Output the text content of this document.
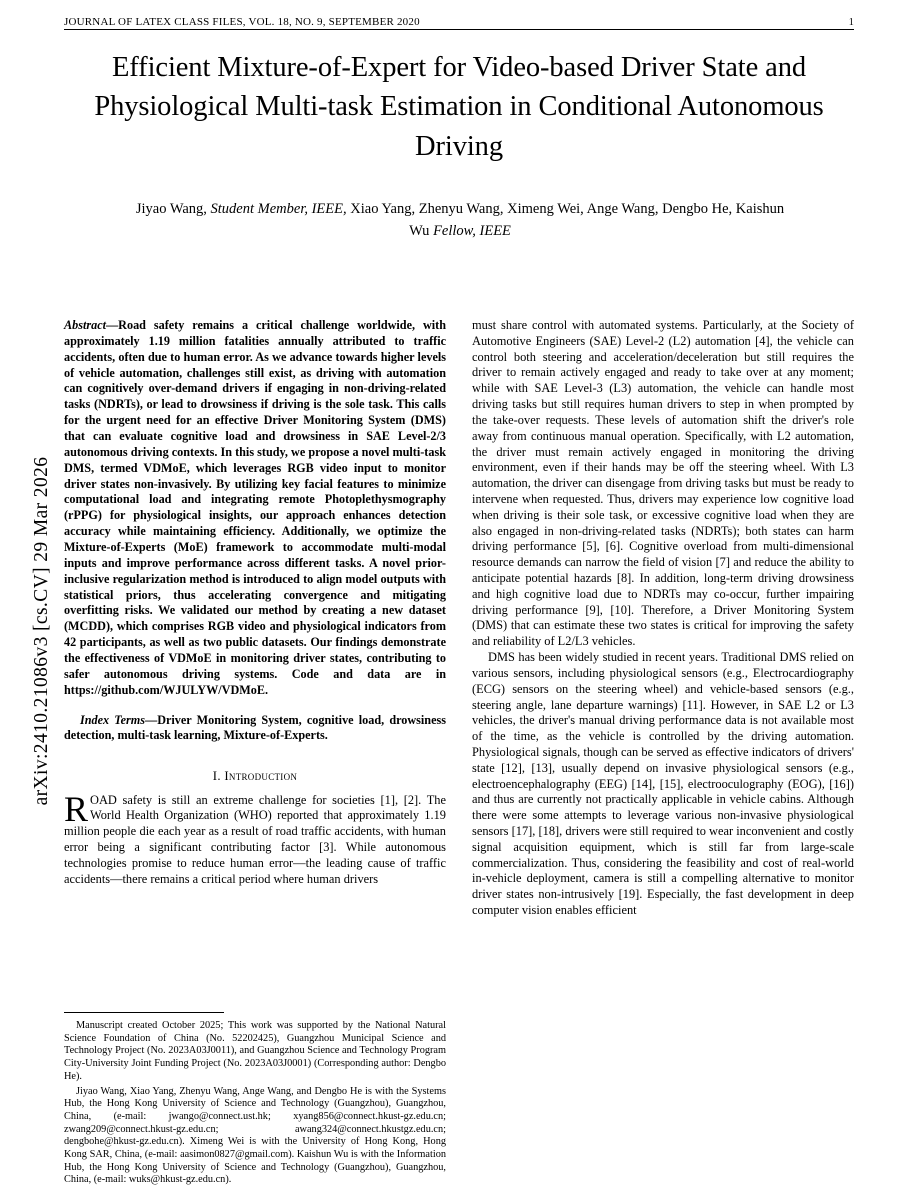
JOURNAL OF LATEX CLASS FILES, VOL. 18, NO. 9, SEPTEMBER 2020	1
arXiv:2410.21086v3 [cs.CV] 29 Mar 2026
Efficient Mixture-of-Expert for Video-based Driver State and Physiological Multi-task Estimation in Conditional Autonomous Driving
Jiyao Wang, Student Member, IEEE, Xiao Yang, Zhenyu Wang, Ximeng Wei, Ange Wang, Dengbo He, Kaishun
Wu Fellow, IEEE
Abstract—Road safety remains a critical challenge worldwide, with approximately 1.19 million fatalities annually attributed to traffic accidents, often due to human error. As we advance towards higher levels of vehicle automation, challenges still exist, as driving with automation can cognitively over-demand drivers if engaging in non-driving-related tasks (NDRTs), or lead to drowsiness if driving is the sole task. This calls for the urgent need for an effective Driver Monitoring System (DMS) that can evaluate cognitive load and drowsiness in SAE Level-2/3 autonomous driving contexts. In this study, we propose a novel multi-task DMS, termed VDMoE, which leverages RGB video input to monitor driver states non-invasively. By utilizing key facial features to minimize computational load and integrating remote Photoplethysmography (rPPG) for physiological insights, our approach enhances detection accuracy while maintaining efficiency. Additionally, we optimize the Mixture-of-Experts (MoE) framework to accommodate multi-modal inputs and improve performance across different tasks. A novel prior-inclusive regularization method is introduced to align model outputs with statistical priors, thus accelerating convergence and mitigating overfitting risks. We validated our method by creating a new dataset (MCDD), which comprises RGB video and physiological indicators from 42 participants, as well as two public datasets. Our findings demonstrate the effectiveness of VDMoE in monitoring driver states, contributing to safer autonomous driving systems. Code and data are in https://github.com/WJULYW/VDMoE.
Index Terms—Driver Monitoring System, cognitive load, drowsiness detection, multi-task learning, Mixture-of-Experts.
I. Introduction
ROAD safety is still an extreme challenge for societies [1], [2]. The World Health Organization (WHO) reported that approximately 1.19 million people die each year as a result of road traffic accidents, with human error being a significant contributing factor [3]. While autonomous technologies promise to reduce human error—the leading cause of traffic accidents—there remains a critical period where human drivers

must share control with automated systems. Particularly, at the Society of Automotive Engineers (SAE) Level-2 (L2) automation [4], the vehicle can control both steering and acceleration/deceleration but still requires the driver to remain actively engaged and ready to take over at any moment; while with SAE Level-3 (L3) automation, the vehicle can handle most driving tasks but still requires human drivers to step in when prompted by the take-over requests. These levels of automation shift the driver's role away from continuous manual operation. Specifically, with L2 automation, the driver must remain actively engaged in monitoring the driving environment, even if their hands may be off the steering wheel. With L3 automation, the driver can disengage from driving tasks but must be ready to intervene when requested. Thus, drivers may experience low cognitive load when driving is their sole task, or excessive cognitive load when they are also engaged in non-driving-related tasks (NDRTs); both states can harm driving performance [5], [6]. Cognitive overload from multi-dimensional resource demands can narrow the field of vision [7] and reduce the ability to anticipate potential hazards [8]. In addition, long-term driving drowsiness and high cognitive load due to NDRTs may co-occur, further impairing driving performance [9], [10]. Therefore, a Driver Monitoring System (DMS) that can estimate these two states is critical for improving the safety and reliability of L2/L3 vehicles.

DMS has been widely studied in recent years. Traditional DMS relied on various sensors, including physiological sensors (e.g., Electrocardiography (ECG) sensors on the steering wheel) and vehicle-based sensors (e.g., steering angle, lane departure warnings) [11]. However, in SAE L2 or L3 vehicles, the driver's manual driving performance data is not available most of the time, as the vehicle is controlled by the driving automation. Physiological signals, though can be served as effective indicators of drivers' state [12], [13], usually depend on invasive physiological sensors (e.g., electroencephalography (EEG) [14], [15], electrooculography (EOG), [16]) and thus are currently not practically applicable in vehicle cabins. Although there were some attempts to leverage various non-invasive physiological sensors [17], [18], drivers were still required to wear inconvenient and costly signal acquisition equipment, which is still far from large-scale commercialization. Thus, considering the feasibility and cost of real-world in-vehicle deployment, camera is still a compelling alternative to monitor driver states non-intrusively [19]. Especially, the fast development in deep computer vision enables efficient

Manuscript created October 2025; This work was supported by the National Natural Science Foundation of China (No. 52202425), Guangzhou Municipal Science and Technology Project (No. 2023A03J0011), and Guangzhou Science and Technology Program City-University Joint Funding Project (No. 2023A03J0001) (Corresponding author: Dengbo He).

Jiyao Wang, Xiao Yang, Zhenyu Wang, Ange Wang, and Dengbo He is with the Systems Hub, the Hong Kong University of Science and Technology (Guangzhou), Guangzhou, China, (e-mail: jwango@connect.ust.hk; xyang856@connect.hkust-gz.edu.cn; zwang209@connect.hkust-gz.edu.cn; awang324@connect.hkustgz.edu.cn; dengbohe@hkust-gz.edu.cn). Ximeng Wei is with the University of Hong Kong, Hong Kong SAR, China, (e-mail: aasimon0827@gmail.com). Kaishun Wu is with the Information Hub, the Hong Kong University of Science and Technology (Guangzhou), Guangzhou, China, (e-mail: wuks@hkust-gz.edu.cn).
